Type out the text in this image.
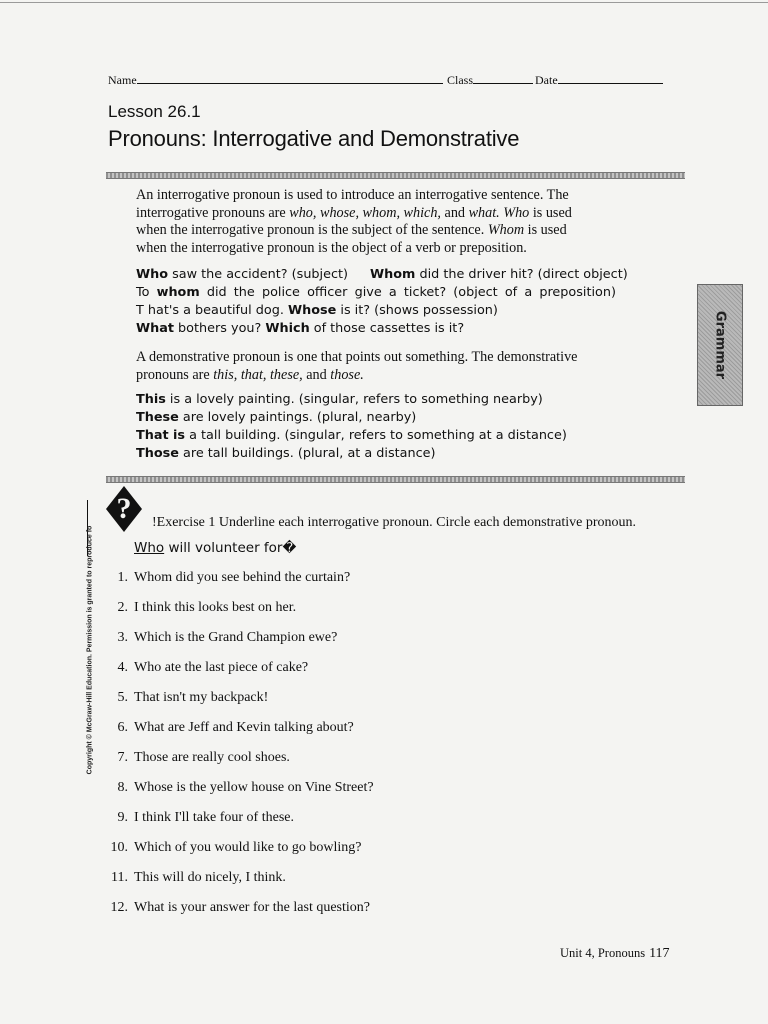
Name	Class	Date
Lesson 26.1
Pronouns: Interrogative and Demonstrative
Grammar

An interrogative pronoun is used to introduce an interrogative sentence. The
interrogative pronouns are who, whose, whom, which, and what. Who is used
when the interrogative pronoun is the subject of the sentence. Whom is used
when the interrogative pronoun is the object of a verb or preposition.

Who saw the accident? (subject) Whom did the driver hit? (direct object)

To whom did the police officer give a ticket? (object of a preposition)

T hat's a beautiful dog. Whose is it? (shows possession)

What bothers you? Which of those cassettes is it?

A demonstrative pronoun is one that points out something. The demonstrative
pronouns are this, that, these, and those.

This is a lovely painting. (singular, refers to something nearby)

These are lovely paintings. (plural, nearby)

That is a tall building. (singular, refers to something at a distance)

Those are tall buildings. (plural, at a distance)

? !Exercise 1 Underline each interrogative pronoun. Circle each demonstrative pronoun.
Who will volunteer for�
1. Whom did you see behind the curtain?
2. I think this looks best on her.
3. Which is the Grand Champion ewe?
4. Who ate the last piece of cake?
5. That isn't my backpack!
6. What are Jeff and Kevin talking about?
7. Those are really cool shoes.
8. Whose is the yellow house on Vine Street?
9. I think I'll take four of these.
10. Which of you would like to go bowling?
11. This will do nicely, I think.
12. What is your answer for the last question?
Copyright © McGraw-Hill Education. Permission is granted to reproduce fo
Unit 4, Pronouns 117
